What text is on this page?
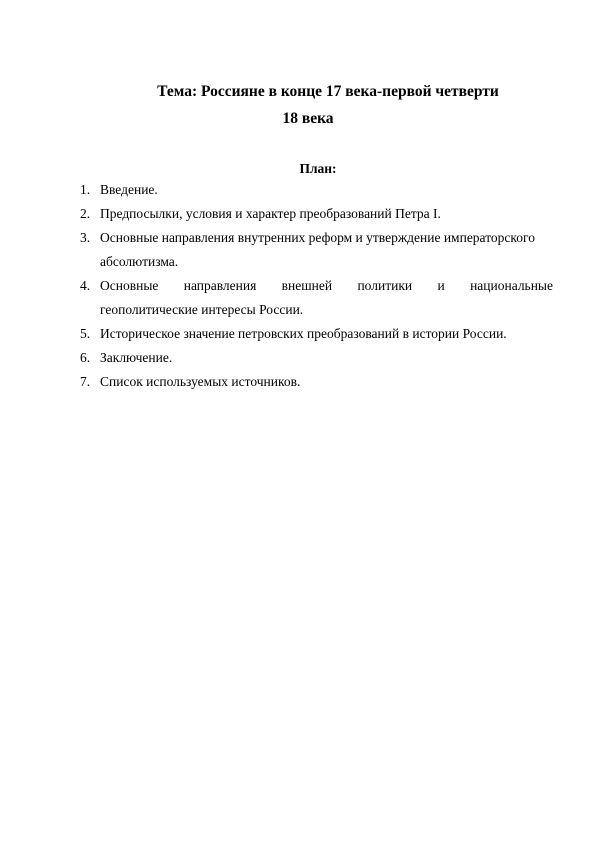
Тема: Россияне в конце 17 века-первой четверти

18 века

План:

1. Введение.
2. Предпосылки, условия и характер преобразований Петра I.
3. Основные направления внутренних реформ и утверждение императорского абсолютизма.
4. Основные направления внешней политики и национальные
геополитические интересы России.
5. Историческое значение петровских преобразований в истории России.
6. Заключение.
7. Список используемых источников.
